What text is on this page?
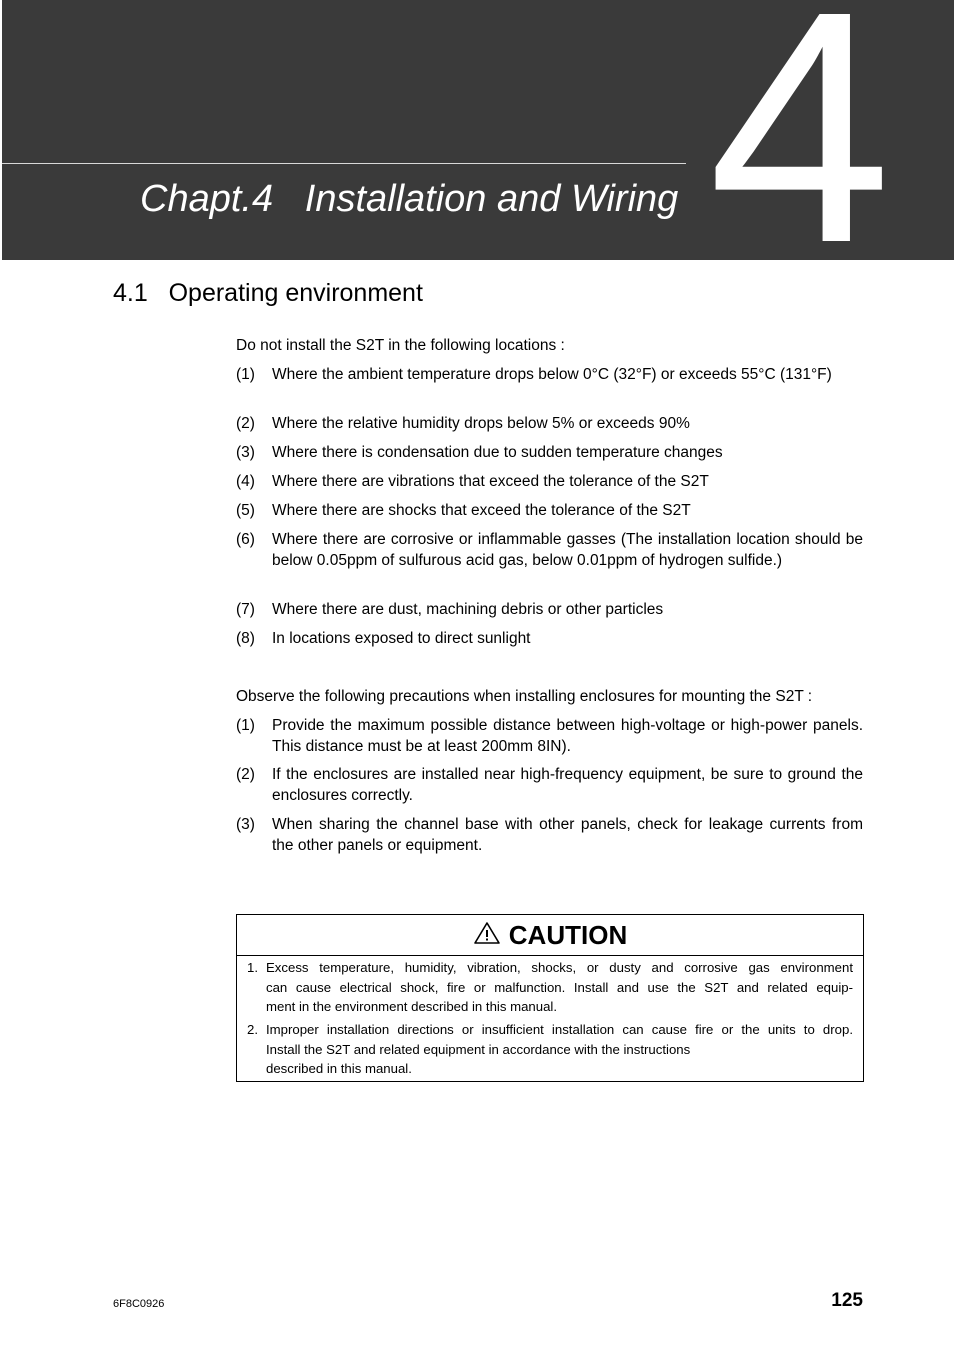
Chapt.4   Installation and Wiring 4
4.1   Operating environment
Do not install the S2T in the following locations :
(1) Where the ambient temperature drops below 0°C (32°F) or exceeds 55°C (131°F)
(2) Where the relative humidity drops below 5% or exceeds 90%
(3) Where there is condensation due to sudden temperature changes
(4) Where there are vibrations that exceed the tolerance of the S2T
(5) Where there are shocks that exceed the tolerance of the S2T
(6) Where there are corrosive or inflammable gasses (The installation location should be below 0.05ppm of sulfurous acid gas, below 0.01ppm of hydrogen sulfide.)
(7) Where there are dust, machining debris or other particles
(8) In locations exposed to direct sunlight
Observe the following precautions when installing enclosures for mounting the S2T :
(1) Provide the maximum possible distance between high-voltage or high-power panels. This distance must be at least 200mm 8IN).
(2) If the enclosures are installed near high-frequency equipment, be sure to ground the enclosures correctly.
(3) When sharing the channel base with other panels, check for leakage currents from the other panels or equipment.
CAUTION
1. Excess temperature, humidity, vibration, shocks, or dusty and corrosive gas environment
can cause electrical shock, fire or malfunction. Install and use the S2T and related equip-
ment in the environment described in this manual.
2. Improper installation directions or insufficient installation can cause fire or the units to drop.
Install the S2T and related equipment in accordance with the instructions
described in this manual.
6F8C0926	125
